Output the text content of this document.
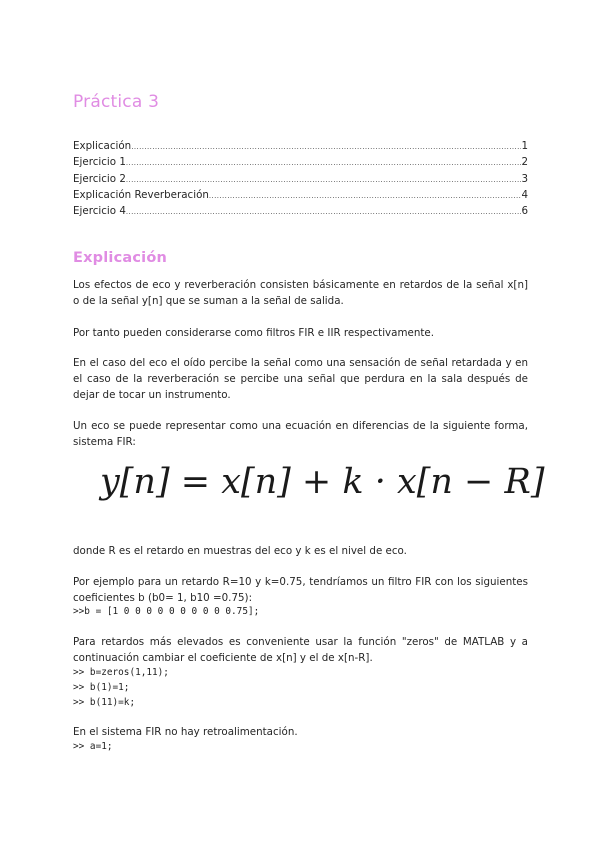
Práctica 3
Explicación .....	1
Ejercicio 1 .....	2
Ejercicio 2 .....	3
Explicación Reverberación .....	4
Ejercicio 4 .....	6
Explicación
Los efectos de eco y reverberación consisten básicamente en retardos de la señal x[n] o de la señal y[n] que se suman a la señal de salida.
Por tanto pueden considerarse como filtros FIR e IIR respectivamente.
En el caso del eco el oído percibe la señal como una sensación de señal retardada y en el caso de la reverberación se percibe una señal que perdura en la sala después de dejar de tocar un instrumento.
Un eco se puede representar como una ecuación en diferencias de la siguiente forma, sistema FIR:
y[n] = x[n] + k · x[n − R]
donde R es el retardo en muestras del eco y k es el nivel de eco.
Por ejemplo para un retardo R=10 y k=0.75, tendríamos un filtro FIR con los siguientes coeficientes b (b0= 1, b10 =0.75):
>>b = [1 0 0 0 0 0 0 0 0 0 0.75];
Para retardos más elevados es conveniente usar la función "zeros" de MATLAB y a continuación cambiar el coeficiente de x[n] y el de x[n-R].
>> b=zeros(1,11);
>> b(1)=1;
>> b(11)=k;
En el sistema FIR no hay retroalimentación.
>> a=1;
